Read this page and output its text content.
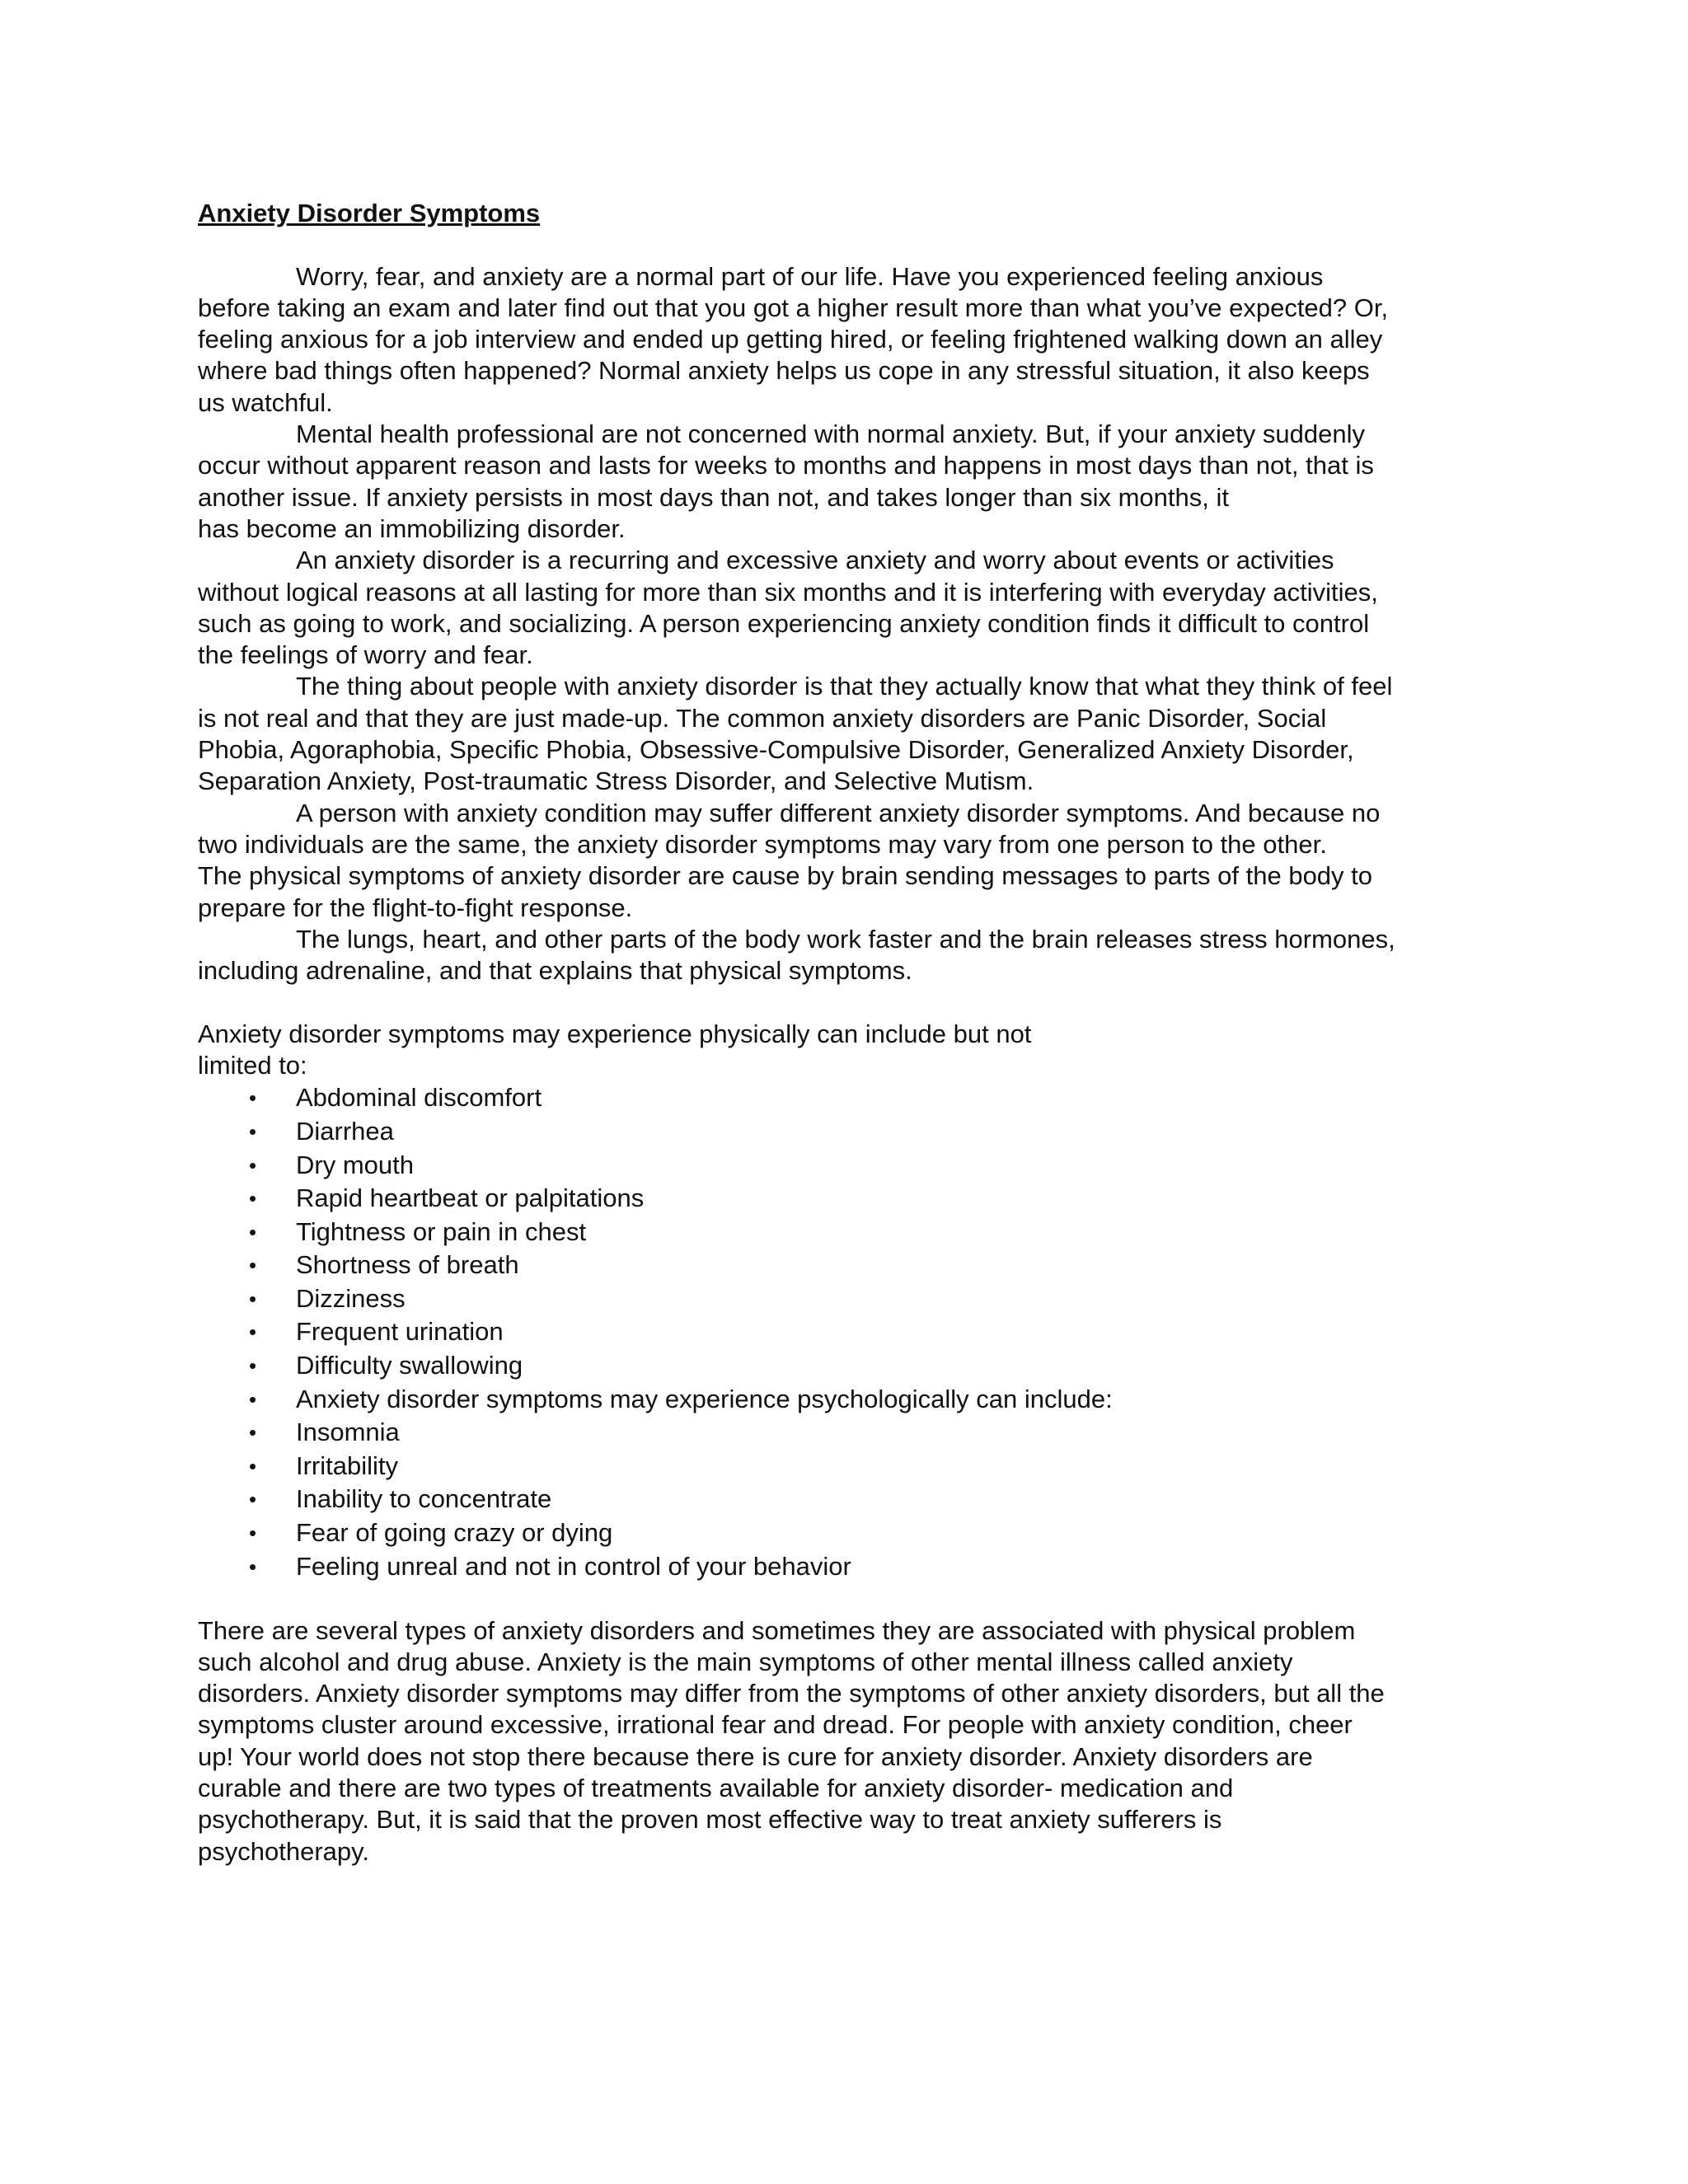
Anxiety Disorder Symptoms
Worry, fear, and anxiety are a normal part of our life. Have you experienced feeling anxious
before taking an exam and later find out that you got a higher result more than what you’ve expected? Or,
feeling anxious for a job interview and ended up getting hired, or feeling frightened walking down an alley
where bad things often happened? Normal anxiety helps us cope in any stressful situation, it also keeps
us watchful.
Mental health professional are not concerned with normal anxiety. But, if your anxiety suddenly
occur without apparent reason and lasts for weeks to months and happens in most days than not, that is
another issue. If anxiety persists in most days than not, and takes longer than six months, it
has become an immobilizing disorder.
An anxiety disorder is a recurring and excessive anxiety and worry about events or activities
without logical reasons at all lasting for more than six months and it is interfering with everyday activities,
such as going to work, and socializing. A person experiencing anxiety condition finds it difficult to control
the feelings of worry and fear.
The thing about people with anxiety disorder is that they actually know that what they think of feel
is not real and that they are just made-up. The common anxiety disorders are Panic Disorder, Social
Phobia, Agoraphobia, Specific Phobia, Obsessive-Compulsive Disorder, Generalized Anxiety Disorder,
Separation Anxiety, Post-traumatic Stress Disorder, and Selective Mutism.
A person with anxiety condition may suffer different anxiety disorder symptoms. And because no
two individuals are the same, the anxiety disorder symptoms may vary from one person to the other.
The physical symptoms of anxiety disorder are cause by brain sending messages to parts of the body to
prepare for the flight-to-fight response.
The lungs, heart, and other parts of the body work faster and the brain releases stress hormones,
including adrenaline, and that explains that physical symptoms.
Anxiety disorder symptoms may experience physically can include but not
limited to:
• Abdominal discomfort
• Diarrhea
• Dry mouth
• Rapid heartbeat or palpitations
• Tightness or pain in chest
• Shortness of breath
• Dizziness
• Frequent urination
• Difficulty swallowing
• Anxiety disorder symptoms may experience psychologically can include:
• Insomnia
• Irritability
• Inability to concentrate
• Fear of going crazy or dying
• Feeling unreal and not in control of your behavior
There are several types of anxiety disorders and sometimes they are associated with physical problem
such alcohol and drug abuse. Anxiety is the main symptoms of other mental illness called anxiety
disorders. Anxiety disorder symptoms may differ from the symptoms of other anxiety disorders, but all the
symptoms cluster around excessive, irrational fear and dread. For people with anxiety condition, cheer
up! Your world does not stop there because there is cure for anxiety disorder. Anxiety disorders are
curable and there are two types of treatments available for anxiety disorder- medication and
psychotherapy. But, it is said that the proven most effective way to treat anxiety sufferers is
psychotherapy.
